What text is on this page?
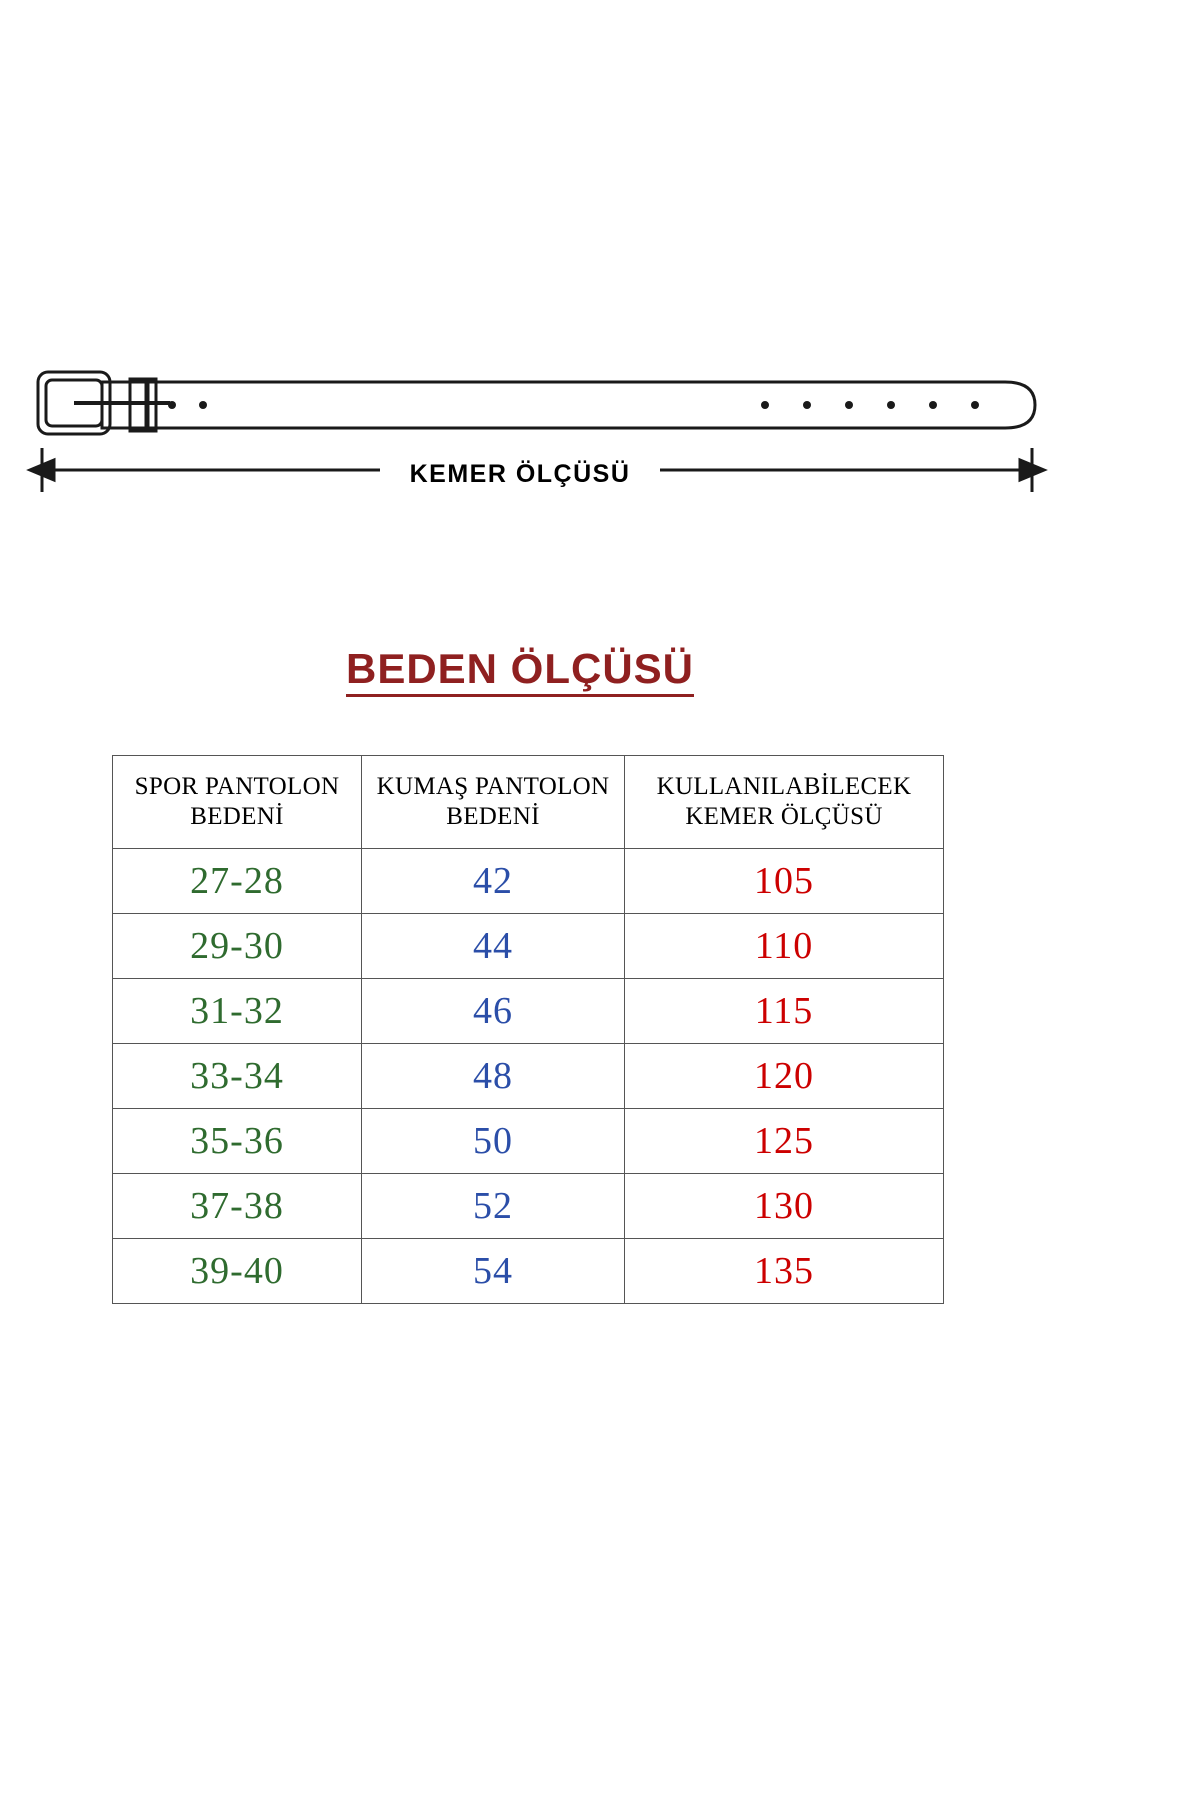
KEMER ÖLÇÜSÜ
BEDEN ÖLÇÜSÜ
SPOR PANTOLON
BEDENİ

KUMAŞ PANTOLON
BEDENİ

KULLANILABİLECEK
KEMER ÖLÇÜSÜ

27-28	42	105
29-30	44	110
31-32	46	115
33-34	48	120
35-36	50	125
37-38	52	130
39-40	54	135
